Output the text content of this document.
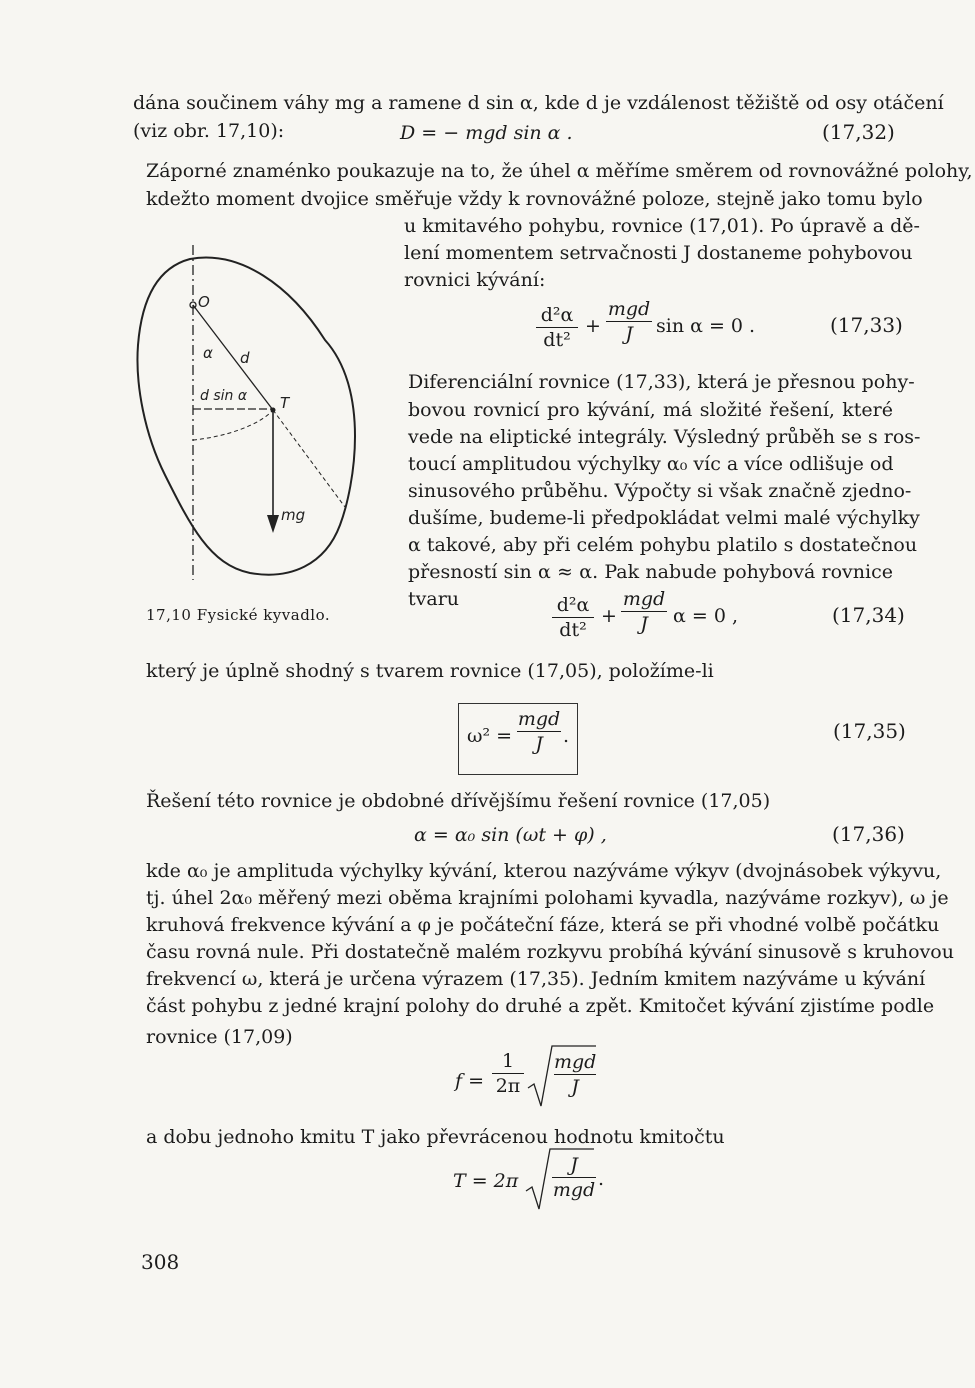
dána součinem váhy mg a ramene d sin α, kde d je vzdálenost těžiště od osy otáčení
(viz obr. 17,10):	D = − mgd sin α .	(17,32)
Záporné znaménko poukazuje na to, že úhel α měříme směrem od rovnovážné polohy,
kdežto moment dvojice směřuje vždy k rovnovážné poloze, stejně jako tomu bylo
u kmitavého pohybu, rovnice (17,01). Po úpravě a dě-
lení momentem setrvačnosti J dostaneme pohybovou
rovnici kývání:
d²α
dt²
+
mgd
J	sin α = 0 .	(17,33)
Diferenciální rovnice (17,33), která je přesnou pohy-
bovou rovnicí pro kývání, má složité řešení, které
vede na eliptické integrály. Výsledný průběh se s ros-
toucí amplitudou výchylky α₀ víc a více odlišuje od
sinusového průběhu. Výpočty si však značně zjedno-
dušíme, budeme-li předpokládat velmi malé výchylky
α takové, aby při celém pohybu platilo s dostatečnou
přesností sin α ≈ α. Pak nabude pohybová rovnice
tvaru	d²α
dt²
+
mgd
J	α = 0 ,	(17,34)
O
α d
d sin α T
mg
17,10 Fysické kyvadlo.
který je úplně shodný s tvarem rovnice (17,05), položíme-li
ω² =
mgd
J	.	(17,35)
Řešení této rovnice je obdobné dřívějšímu řešení rovnice (17,05)
α = α₀ sin (ωt + φ) ,	(17,36)
kde α₀ je amplituda výchylky kývání, kterou nazýváme výkyv (dvojnásobek výkyvu,
tj. úhel 2α₀ měřený mezi oběma krajními polohami kyvadla, nazýváme rozkyv), ω je
kruhová frekvence kývání a φ je počáteční fáze, která se při vhodné volbě počátku
času rovná nule. Při dostatečně malém rozkyvu probíhá kývání sinusově s kruhovou
frekvencí ω, která je určena výrazem (17,35). Jedním kmitem nazýváme u kývání
část pohybu z jedné krajní polohy do druhé a zpět. Kmitočet kývání zjistíme podle
rovnice (17,09)
f =
1
2π
mgd
J
a dobu jednoho kmitu T jako převrácenou hodnotu kmitočtu
T = 2π
J
mgd .
308
